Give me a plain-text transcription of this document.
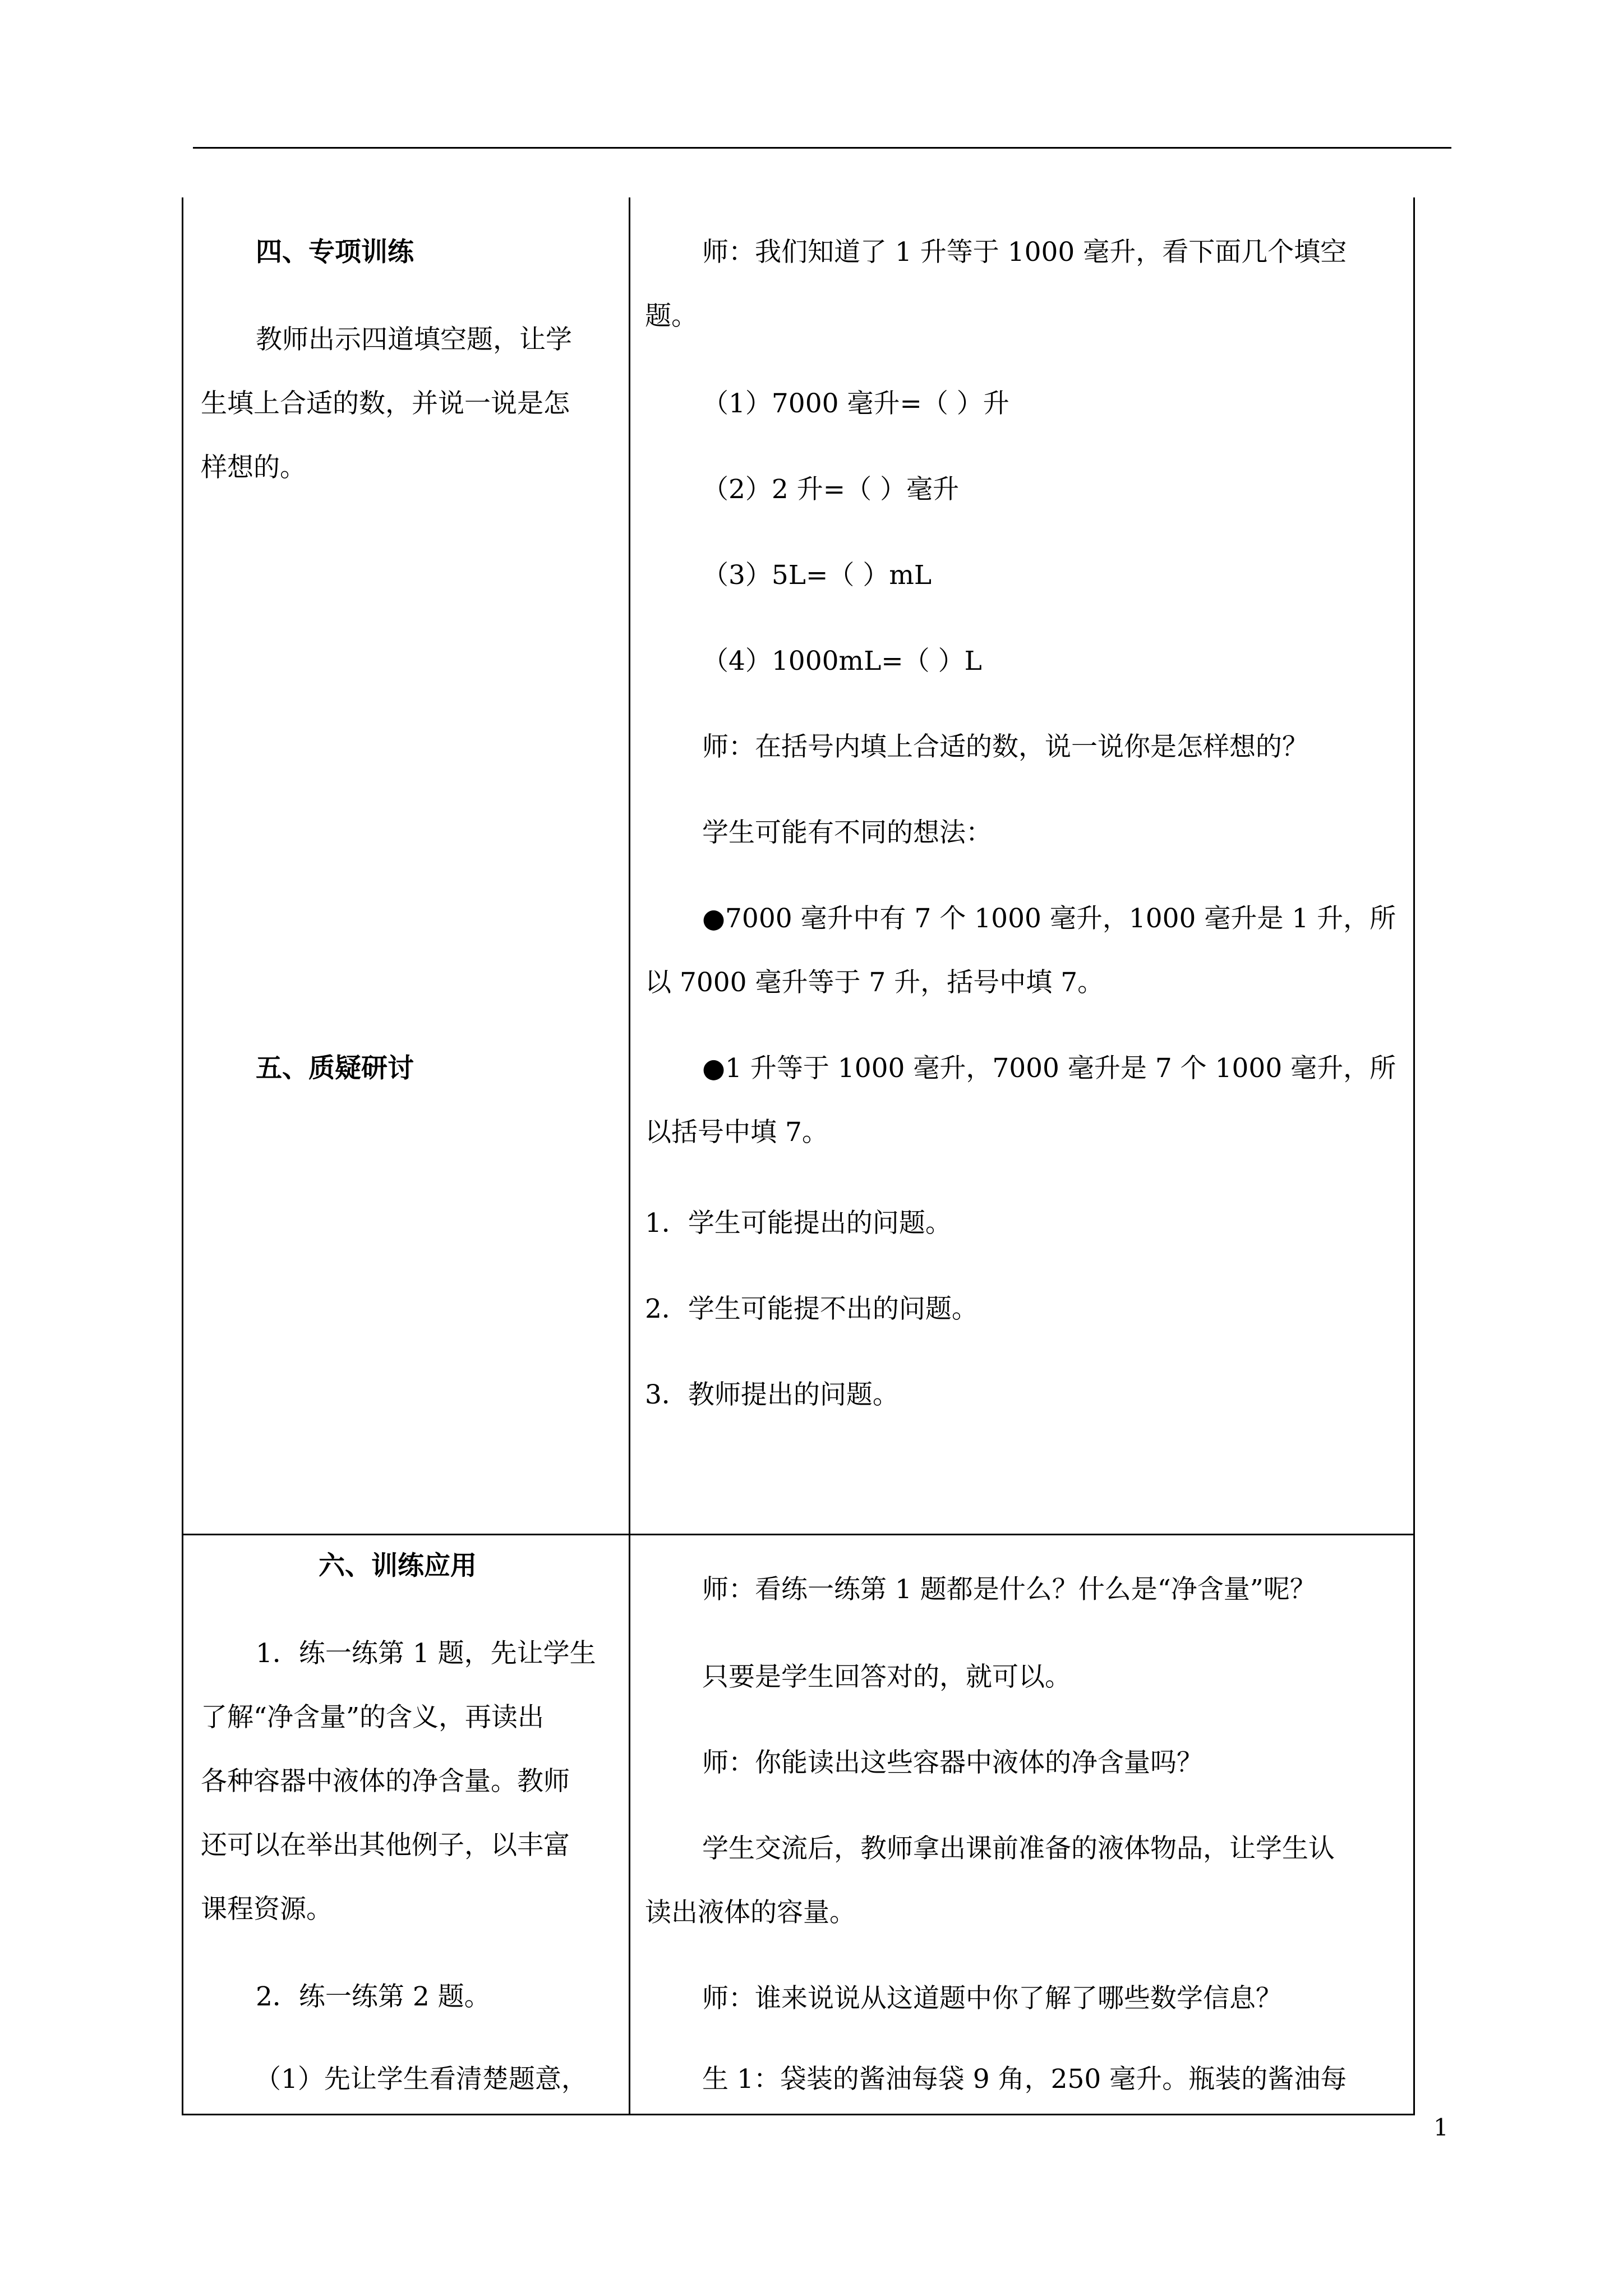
四、专项训练
教师出示四道填空题，让学
生填上合适的数，并说一说是怎
样想的。
五、质疑研讨
师：我们知道了 1 升等于 1000 毫升，看下面几个填空
题。
（1）7000 毫升=（ ）升
（2）2 升=（ ）毫升
（3）5L=（ ）mL
（4）1000mL=（ ）L
师：在括号内填上合适的数，说一说你是怎样想的？
学生可能有不同的想法：
●7000 毫升中有 7 个 1000 毫升，1000 毫升是 1 升，所
以 7000 毫升等于 7 升，括号中填 7。
●1 升等于 1000 毫升，7000 毫升是 7 个 1000 毫升，所
以括号中填 7。
1．学生可能提出的问题。
2．学生可能提不出的问题。
3．教师提出的问题。
六、训练应用
1．练一练第 1 题，先让学生
了解“净含量”的含义，再读出
各种容器中液体的净含量。教师
还可以在举出其他例子，以丰富
课程资源。
2．练一练第 2 题。
（1）先让学生看清楚题意，
师：看练一练第 1 题都是什么？什么是“净含量”呢？
只要是学生回答对的，就可以。
师：你能读出这些容器中液体的净含量吗？
学生交流后，教师拿出课前准备的液体物品，让学生认
读出液体的容量。
师：谁来说说从这道题中你了解了哪些数学信息？
生 1：袋装的酱油每袋 9 角，250 毫升。瓶装的酱油每
1
